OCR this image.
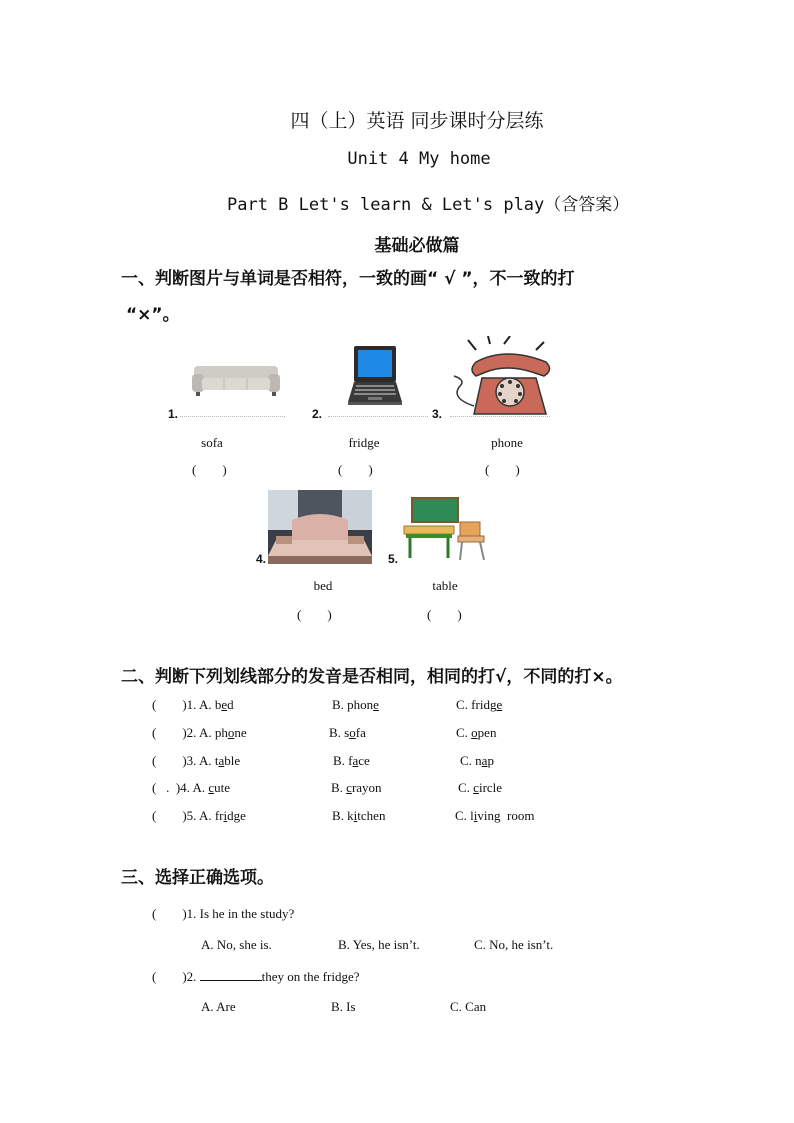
四（上）英语 同步课时分层练
Unit 4 My home
Part B Let's learn & Let's play（含答案）
基础必做篇
一、判断图片与单词是否相符，一致的画“ √ ”，不一致的打
“×”。
1.
sofa
(        )
2.
fridge
(        )
3.
phone
(        )
4.
bed
(        )
5.
table
(        )
二、判断下列划线部分的发音是否相同，相同的打√，不同的打×。
(        )1. A. bed	B. phone	C. fridge
(        )2. A. phone	B. sofa	C. open
(        )3. A. table	B. face	C. nap
(   .  )4. A. cute	B. crayon	C. circle
(        )5. A. fridge	B. kitchen	C. living  room
三、选择正确选项。
(        )1. Is he in the study?
A. No, she is.	B. Yes, he isn’t.	C. No, he isn’t.
(        )2.	they on the fridge?
A. Are	B. Is	C. Can
